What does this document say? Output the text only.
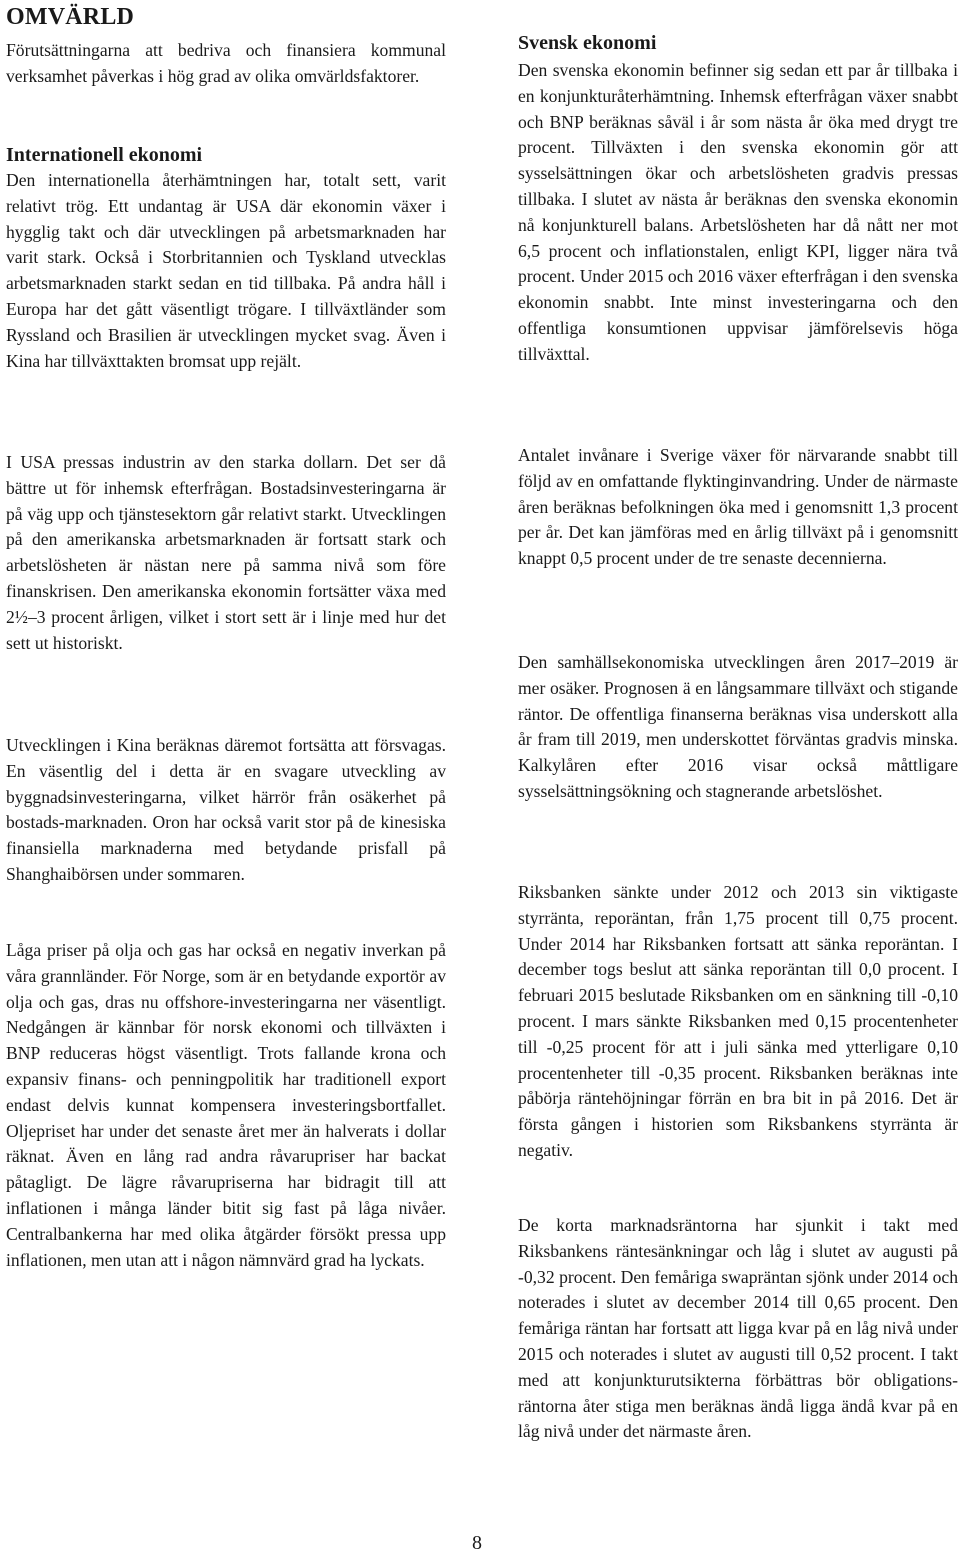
OMVÄRLD
Förutsättningarna att bedriva och finansiera kommunal verksamhet påverkas i hög grad av olika omvärldsfaktorer.
Internationell ekonomi
Den internationella återhämtningen har, totalt sett, varit relativt trög. Ett undantag är USA där ekonomin växer i hygglig takt och där utvecklingen på arbetsmarknaden har varit stark. Också i Storbritannien och Tyskland utvecklas arbetsmarknaden starkt sedan en tid tillbaka. På andra håll i Europa har det gått väsentligt trögare. I tillväxtländer som Ryssland och Brasilien är utvecklingen mycket svag. Även i Kina har tillväxttakten bromsat upp rejält.
I USA pressas industrin av den starka dollarn. Det ser då bättre ut för inhemsk efterfrågan. Bostadsinvesteringarna är på väg upp och tjänstesektorn går relativt starkt. Utvecklingen på den amerikanska arbetsmarknaden är fortsatt stark och arbetslösheten är nästan nere på samma nivå som före finanskrisen. Den amerikanska ekonomin fortsätter växa med 2½–3 procent årligen, vilket i stort sett är i linje med hur det sett ut historiskt.
Utvecklingen i Kina beräknas däremot fortsätta att försvagas. En väsentlig del i detta är en svagare utveckling av byggnadsinvesteringarna, vilket härrör från osäkerhet på bostads-marknaden. Oron har också varit stor på de kinesiska finansiella marknaderna med betydande prisfall på Shanghaibörsen under sommaren.
Låga priser på olja och gas har också en negativ inverkan på våra grannländer. För Norge, som är en betydande exportör av olja och gas, dras nu offshore-investeringarna ner väsentligt. Nedgången är kännbar för norsk ekonomi och tillväxten i BNP reduceras högst väsentligt. Trots fallande krona och expansiv finans- och penningpolitik har traditionell export endast delvis kunnat kompensera investeringsbortfallet. Oljepriset har under det senaste året mer än halverats i dollar räknat. Även en lång rad andra råvarupriser har backat påtagligt. De lägre råvarupriserna har bidragit till att inflationen i många länder bitit sig fast på låga nivåer. Centralbankerna har med olika åtgärder försökt pressa upp inflationen, men utan att i någon nämnvärd grad ha lyckats.
Svensk ekonomi
Den svenska ekonomin befinner sig sedan ett par år tillbaka i en konjunkturåterhämtning. Inhemsk efterfrågan växer snabbt och BNP beräknas såväl i år som nästa år öka med drygt tre procent. Tillväxten i den svenska ekonomin gör att sysselsättningen ökar och arbetslösheten gradvis pressas tillbaka. I slutet av nästa år beräknas den svenska ekonomin nå konjunkturell balans. Arbetslösheten har då nått ner mot 6,5 procent och inflationstalen, enligt KPI, ligger nära två procent. Under 2015 och 2016 växer efterfrågan i den svenska ekonomin snabbt. Inte minst investeringarna och den offentliga konsumtionen uppvisar jämförelsevis höga tillväxttal.
Antalet invånare i Sverige växer för närvarande snabbt till följd av en omfattande flyktinginvandring. Under de närmaste åren beräknas befolkningen öka med i genomsnitt 1,3 procent per år. Det kan jämföras med en årlig tillväxt på i genomsnitt knappt 0,5 procent under de tre senaste decennierna.
Den samhällsekonomiska utvecklingen åren 2017–2019 är mer osäker. Prognosen ä en långsammare tillväxt och stigande räntor. De offentliga finanserna beräknas visa underskott alla år fram till 2019, men underskottet förväntas gradvis minska. Kalkylåren efter 2016 visar också måttligare sysselsättningsökning och stagnerande arbetslöshet.
Riksbanken sänkte under 2012 och 2013 sin viktigaste styrränta, reporäntan, från 1,75 procent till 0,75 procent. Under 2014 har Riksbanken fortsatt att sänka reporäntan. I december togs beslut att sänka reporäntan till 0,0 procent. I februari 2015 beslutade Riksbanken om en sänkning till -0,10 procent. I mars sänkte Riksbanken med 0,15 procentenheter till -0,25 procent för att i juli sänka med ytterligare 0,10 procentenheter till -0,35 procent. Riksbanken beräknas inte påbörja räntehöjningar förrän en bra bit in på 2016. Det är första gången i historien som Riksbankens styrränta är negativ.
De korta marknadsräntorna har sjunkit i takt med Riksbankens räntesänkningar och låg i slutet av augusti på -0,32 procent. Den femåriga swapräntan sjönk under 2014 och noterades i slutet av december 2014 till 0,65 procent. Den femåriga räntan har fortsatt att ligga kvar på en låg nivå under 2015 och noterades i slutet av augusti till 0,52 procent. I takt med att konjunkturutsikterna förbättras bör obligations-räntorna åter stiga men beräknas ändå ligga ändå kvar på en låg nivå under det närmaste åren.
8
